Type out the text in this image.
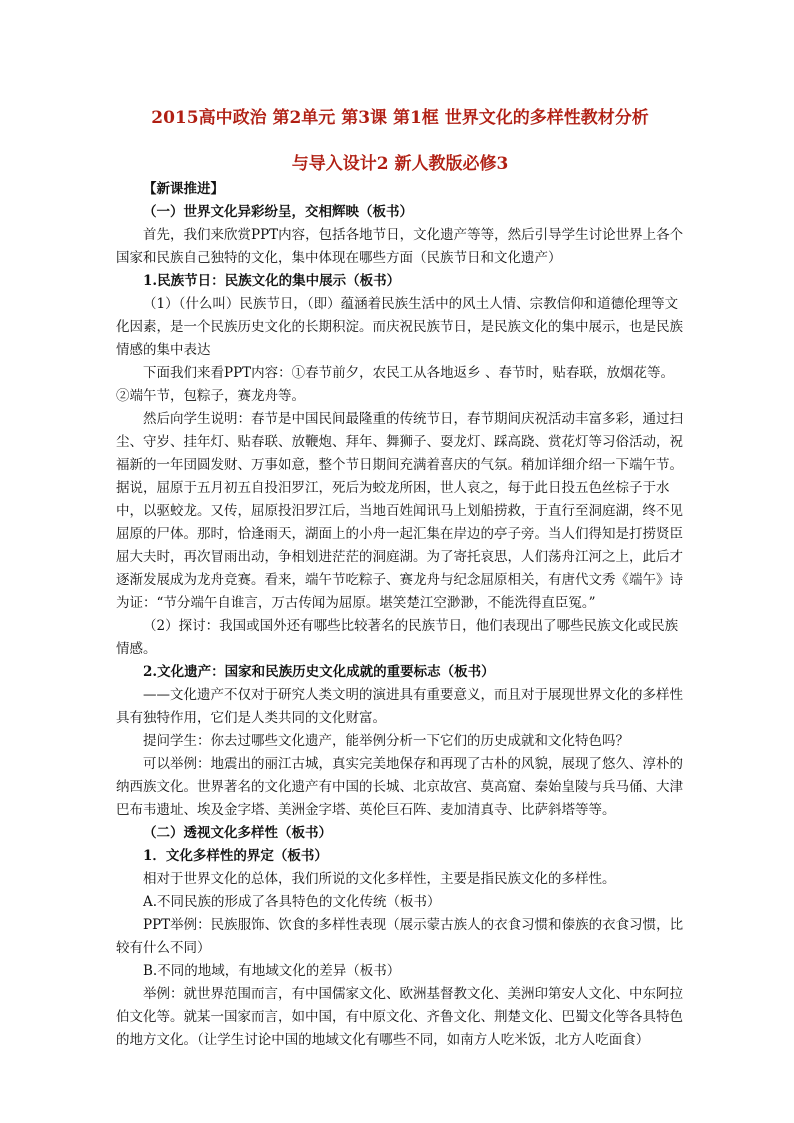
2015高中政治 第2单元 第3课 第1框 世界文化的多样性教材分析
与导入设计2 新人教版必修3

【新课推进】

（一）世界文化异彩纷呈，交相辉映（板书）

首先，我们来欣赏PPT内容，包括各地节日，文化遗产等等，然后引导学生讨论世界上各个国家和民族自己独特的文化，集中体现在哪些方面（民族节日和文化遗产）

1.民族节日：民族文化的集中展示（板书）

（1）（什么叫）民族节日，（即）蕴涵着民族生活中的风土人情、宗教信仰和道德伦理等文化因素，是一个民族历史文化的长期积淀。而庆祝民族节日，是民族文化的集中展示，也是民族情感的集中表达

下面我们来看PPT内容：①春节前夕，农民工从各地返乡 、春节时，贴春联，放烟花等。②端午节，包粽子，赛龙舟等。

然后向学生说明：春节是中国民间最隆重的传统节日，春节期间庆祝活动丰富多彩，通过扫尘、守岁、挂年灯、贴春联、放鞭炮、拜年、舞狮子、耍龙灯、踩高跷、赏花灯等习俗活动，祝福新的一年団圆发财、万事如意，整个节日期间充满着喜庆的气氛。稍加详细介绍一下端午节。据说，屈原于五月初五自投汨罗江，死后为蛟龙所困，世人哀之，每于此日投五色丝棕子于水中，以驱蛟龙。又传，屈原投汨罗江后，当地百姓闻讯马上划船捞救，于直行至洞庭湖，终不见屈原的尸体。那时，恰逢雨天，湖面上的小舟一起汇集在岸边的亭子旁。当人们得知是打捞贤臣屈大夫时，再次冒雨出动，争相划进茫茫的洞庭湖。为了寄托哀思，人们荡舟江河之上，此后才逐渐发展成为龙舟竞赛。看来，端午节吃粽子、赛龙舟与纪念屈原相关，有唐代文秀《端午》诗为证：“节分端午自谁言，万古传闻为屈原。堪笑楚江空渺渺，不能洗得直臣冤。”

（2）探讨：我国或国外还有哪些比较著名的民族节日，他们表现出了哪些民族文化或民族情感。

2.文化遗产：国家和民族历史文化成就的重要标志（板书）

——文化遗产不仅对于研究人类文明的演进具有重要意义，而且对于展现世界文化的多样性具有独特作用，它们是人类共同的文化财富。

提问学生：你去过哪些文化遗产，能举例分析一下它们的历史成就和文化特色吗？

可以举例：地震出的丽江古城，真实完美地保存和再现了古朴的风貌，展现了悠久、淳朴的纳西族文化。世界著名的文化遗产有中国的长城、北京故宫、莫高窟、秦始皇陵与兵马俑、大津巴布韦遗址、埃及金字塔、美洲金字塔、英伦巨石阵、麦加清真寺、比萨斜塔等等。

（二）透视文化多样性（板书）

1．文化多样性的界定（板书）

相对于世界文化的总体，我们所说的文化多样性，主要是指民族文化的多样性。

A.不同民族的形成了各具特色的文化传统（板书）

PPT举例：民族服饰、饮食的多样性表现（展示蒙古族人的衣食习惯和傣族的衣食习惯，比较有什么不同）

B.不同的地域，有地域文化的差异（板书）

举例：就世界范围而言，有中国儒家文化、欧洲基督教文化、美洲印第安人文化、中东阿拉伯文化等。就某一国家而言，如中国，有中原文化、齐鲁文化、荆楚文化、巴蜀文化等各具特色的地方文化。（让学生讨论中国的地域文化有哪些不同，如南方人吃米饭，北方人吃面食）
